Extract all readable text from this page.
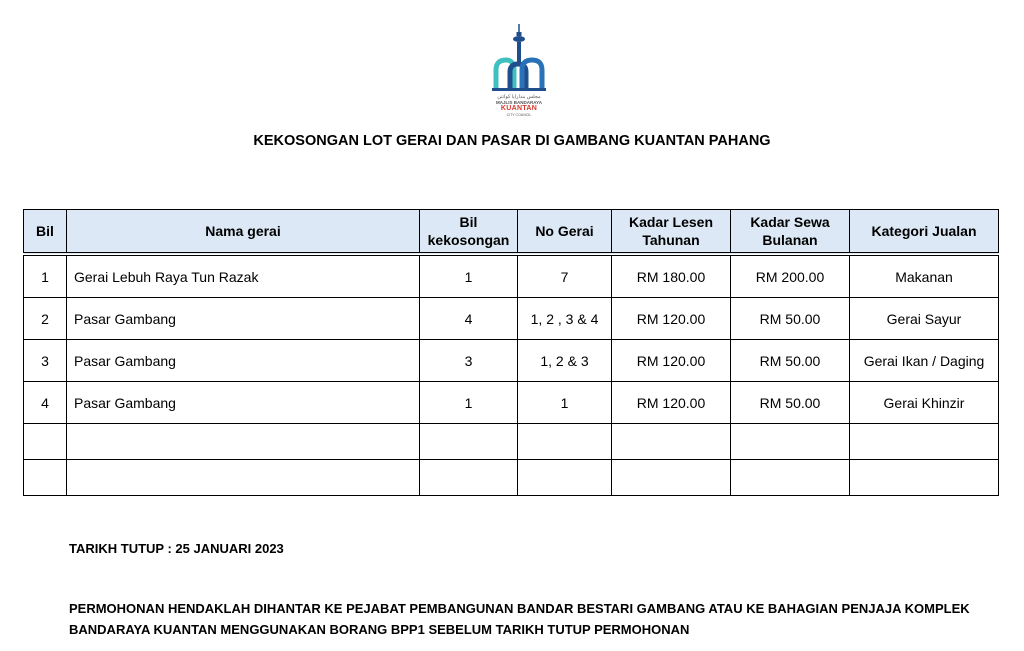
مجلس بندارايا كوانتن
MAJLIS BANDARAYA
KUANTAN
CITY COUNCIL
KEKOSONGAN LOT GERAI DAN PASAR DI GAMBANG KUANTAN PAHANG
Bil	Nama gerai	Bil kekosongan	No Gerai	Kadar Lesen Tahunan	Kadar Sewa Bulanan	Kategori Jualan
1	Gerai Lebuh Raya Tun Razak	1	7	RM 180.00	RM 200.00	Makanan
2	Pasar Gambang	4	1, 2 , 3 & 4	RM 120.00	RM 50.00	Gerai Sayur
3	Pasar Gambang	3	1, 2 & 3	RM 120.00	RM 50.00	Gerai Ikan / Daging
4	Pasar Gambang	1	1	RM 120.00	RM 50.00	Gerai Khinzir

TARIKH TUTUP : 25 JANUARI 2023
PERMOHONAN HENDAKLAH DIHANTAR KE PEJABAT PEMBANGUNAN BANDAR BESTARI GAMBANG ATAU KE BAHAGIAN PENJAJA KOMPLEK BANDARAYA KUANTAN MENGGUNAKAN BORANG BPP1 SEBELUM TARIKH TUTUP PERMOHONAN
